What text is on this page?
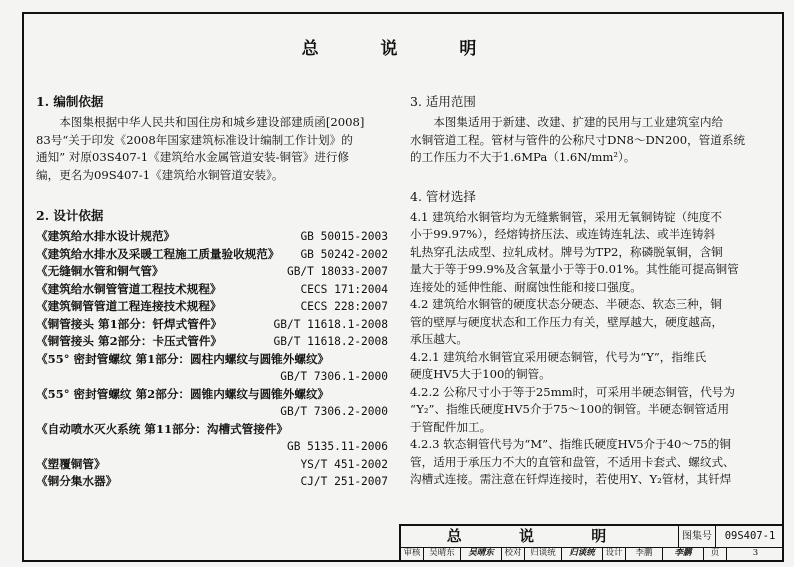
总 说 明
1. 编制依据
本图集根据中华人民共和国住房和城乡建设部建质函[2008]
83号“关于印发《2008年国家建筑标准设计编制工作计划》的
通知” 对原03S407-1《建筑给水金属管道安装-铜管》进行修
编，更名为09S407-1《建筑给水铜管道安装》。
2. 设计依据
《建筑给水排水设计规范》	GB 50015-2003
《建筑给水排水及采暖工程施工质量验收规范》 GB 50242-2002
《无缝铜水管和铜气管》	GB/T 18033-2007
《建筑给水铜管管道工程技术规程》	CECS 171:2004
《建筑铜管管道工程连接技术规程》	CECS 228:2007
《铜管接头 第1部分：钎焊式管件》	GB/T 11618.1-2008
《铜管接头 第2部分：卡压式管件》	GB/T 11618.2-2008
《55° 密封管螺纹 第1部分：圆柱内螺纹与圆锥外螺纹》
GB/T 7306.1-2000
《55° 密封管螺纹 第2部分：圆锥内螺纹与圆锥外螺纹》
GB/T 7306.2-2000
《自动喷水灭火系统 第11部分：沟槽式管接件》
GB 5135.11-2006
《塑覆铜管》	YS/T 451-2002
《铜分集水器》	CJ/T 251-2007
3. 适用范围
本图集适用于新建、改建、扩建的民用与工业建筑室内给
水铜管道工程。管材与管件的公称尺寸DN8～DN200，管道系统
的工作压力不大于1.6MPa（1.6N/mm²）。
4. 管材选择
4.1 建筑给水铜管均为无缝紫铜管，采用无氧铜铸锭（纯度不
小于99.97%），经熔铸挤压法、或连铸连轧法、或半连铸斜
轧热穿孔法成型、拉轧成材。牌号为TP2，称磷脱氧铜，含铜
量大于等于99.9%及含氧量小于等于0.01%。其性能可提高铜管
连接处的延伸性能、耐腐蚀性能和接口强度。
4.2 建筑给水铜管的硬度状态分硬态、半硬态、软态三种，铜
管的壁厚与硬度状态和工作压力有关，壁厚越大，硬度越高，
承压越大。
4.2.1 建筑给水铜管宜采用硬态铜管，代号为“Y”，指维氏
硬度HV5大于100的铜管。
4.2.2 公称尺寸小于等于25mm时，可采用半硬态铜管，代号为
“Y₂”、指维氏硬度HV5介于75～100的铜管。半硬态铜管适用
于管配件加工。
4.2.3 软态铜管代号为“M”、指维氏硬度HV5介于40～75的铜
管，适用于承压力不大的直管和盘管，不适用卡套式、螺纹式、
沟槽式连接。需注意在钎焊连接时，若使用Y、Y₂管材，其钎焊
总 说 明	图集号	09S407-1
审核	吴晴东	吴晴东	校对	归谈统	归谈统	设计	李鹏	李鹏	页	3
